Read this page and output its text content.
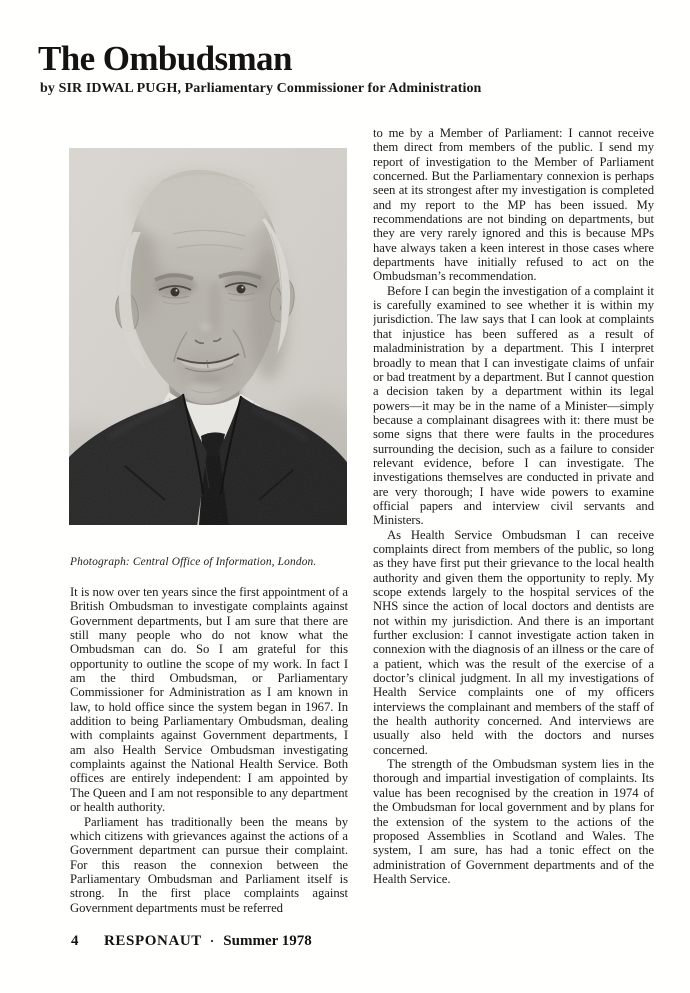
The Ombudsman
by SIR IDWAL PUGH, Parliamentary Commissioner for Administration
Photograph: Central Office of Information, London.

It is now over ten years since the first appointment of a British Ombudsman to investigate complaints against Government departments, but I am sure that there are still many people who do not know what the Ombudsman can do. So I am grateful for this opportunity to outline the scope of my work. In fact I am the third Ombudsman, or Parliamentary Commissioner for Administration as I am known in law, to hold office since the system began in 1967. In addition to being Parliamentary Ombudsman, dealing with complaints against Government departments, I am also Health Service Ombudsman investigating complaints against the National Health Service. Both offices are entirely independent: I am appointed by The Queen and I am not responsible to any department or health authority.

Parliament has traditionally been the means by which citizens with grievances against the actions of a Government department can pursue their complaint. For this reason the connexion between the Parliamentary Ombudsman and Parliament itself is strong. In the first place complaints against Government departments must be referred

to me by a Member of Parliament: I cannot receive them direct from members of the public. I send my report of investigation to the Member of Parliament concerned. But the Parliamentary connexion is perhaps seen at its strongest after my investigation is completed and my report to the MP has been issued. My recommendations are not binding on departments, but they are very rarely ignored and this is because MPs have always taken a keen interest in those cases where departments have initially refused to act on the Ombudsman’s recommendation.

Before I can begin the investigation of a complaint it is carefully examined to see whether it is within my jurisdiction. The law says that I can look at complaints that injustice has been suffered as a result of maladministration by a department. This I interpret broadly to mean that I can investigate claims of unfair or bad treatment by a department. But I cannot question a decision taken by a department within its legal powers—it may be in the name of a Minister—simply because a complainant disagrees with it: there must be some signs that there were faults in the procedures surrounding the decision, such as a failure to consider relevant evidence, before I can investigate. The investigations themselves are conducted in private and are very thorough; I have wide powers to examine official papers and interview civil servants and Ministers.

As Health Service Ombudsman I can receive complaints direct from members of the public, so long as they have first put their grievance to the local health authority and given them the opportunity to reply. My scope extends largely to the hospital services of the NHS since the action of local doctors and dentists are not within my jurisdiction. And there is an important further exclusion: I cannot investigate action taken in connexion with the diagnosis of an illness or the care of a patient, which was the result of the exercise of a doctor’s clinical judgment. In all my investigations of Health Service complaints one of my officers interviews the complainant and members of the staff of the health authority concerned. And interviews are usually also held with the doctors and nurses concerned.

The strength of the Ombudsman system lies in the thorough and impartial investigation of complaints. Its value has been recognised by the creation in 1974 of the Ombudsman for local government and by plans for the extension of the system to the actions of the proposed Assemblies in Scotland and Wales. The system, I am sure, has had a tonic effect on the administration of Government departments and of the Health Service.

4	RESPONAUT · Summer 1978
